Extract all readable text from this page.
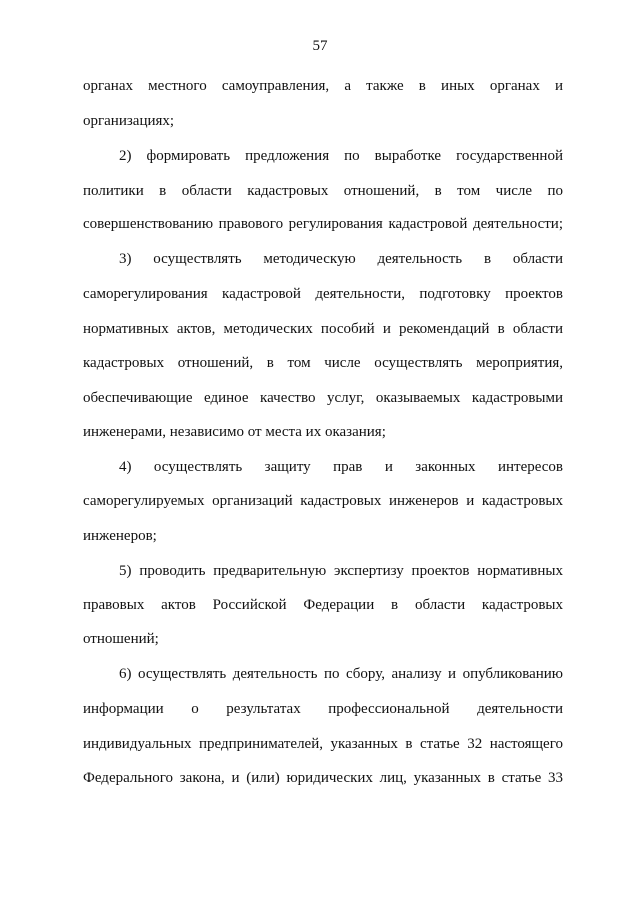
57
органах местного самоуправления, а также в иных органах и
организациях;
2) формировать предложения по выработке государственной
политики в области кадастровых отношений, в том числе по
совершенствованию правового регулирования кадастровой деятельности;
3) осуществлять методическую деятельность в области
саморегулирования кадастровой деятельности, подготовку проектов
нормативных актов, методических пособий и рекомендаций в области
кадастровых отношений, в том числе осуществлять мероприятия,
обеспечивающие единое качество услуг, оказываемых кадастровыми
инженерами, независимо от места их оказания;
4) осуществлять защиту прав и законных интересов
саморегулируемых организаций кадастровых инженеров и кадастровых
инженеров;
5) проводить предварительную экспертизу проектов нормативных
правовых актов Российской Федерации в области кадастровых
отношений;
6) осуществлять деятельность по сбору, анализу и опубликованию
информации о результатах профессиональной деятельности
индивидуальных предпринимателей, указанных в статье 32 настоящего
Федерального закона, и (или) юридических лиц, указанных в статье 33
